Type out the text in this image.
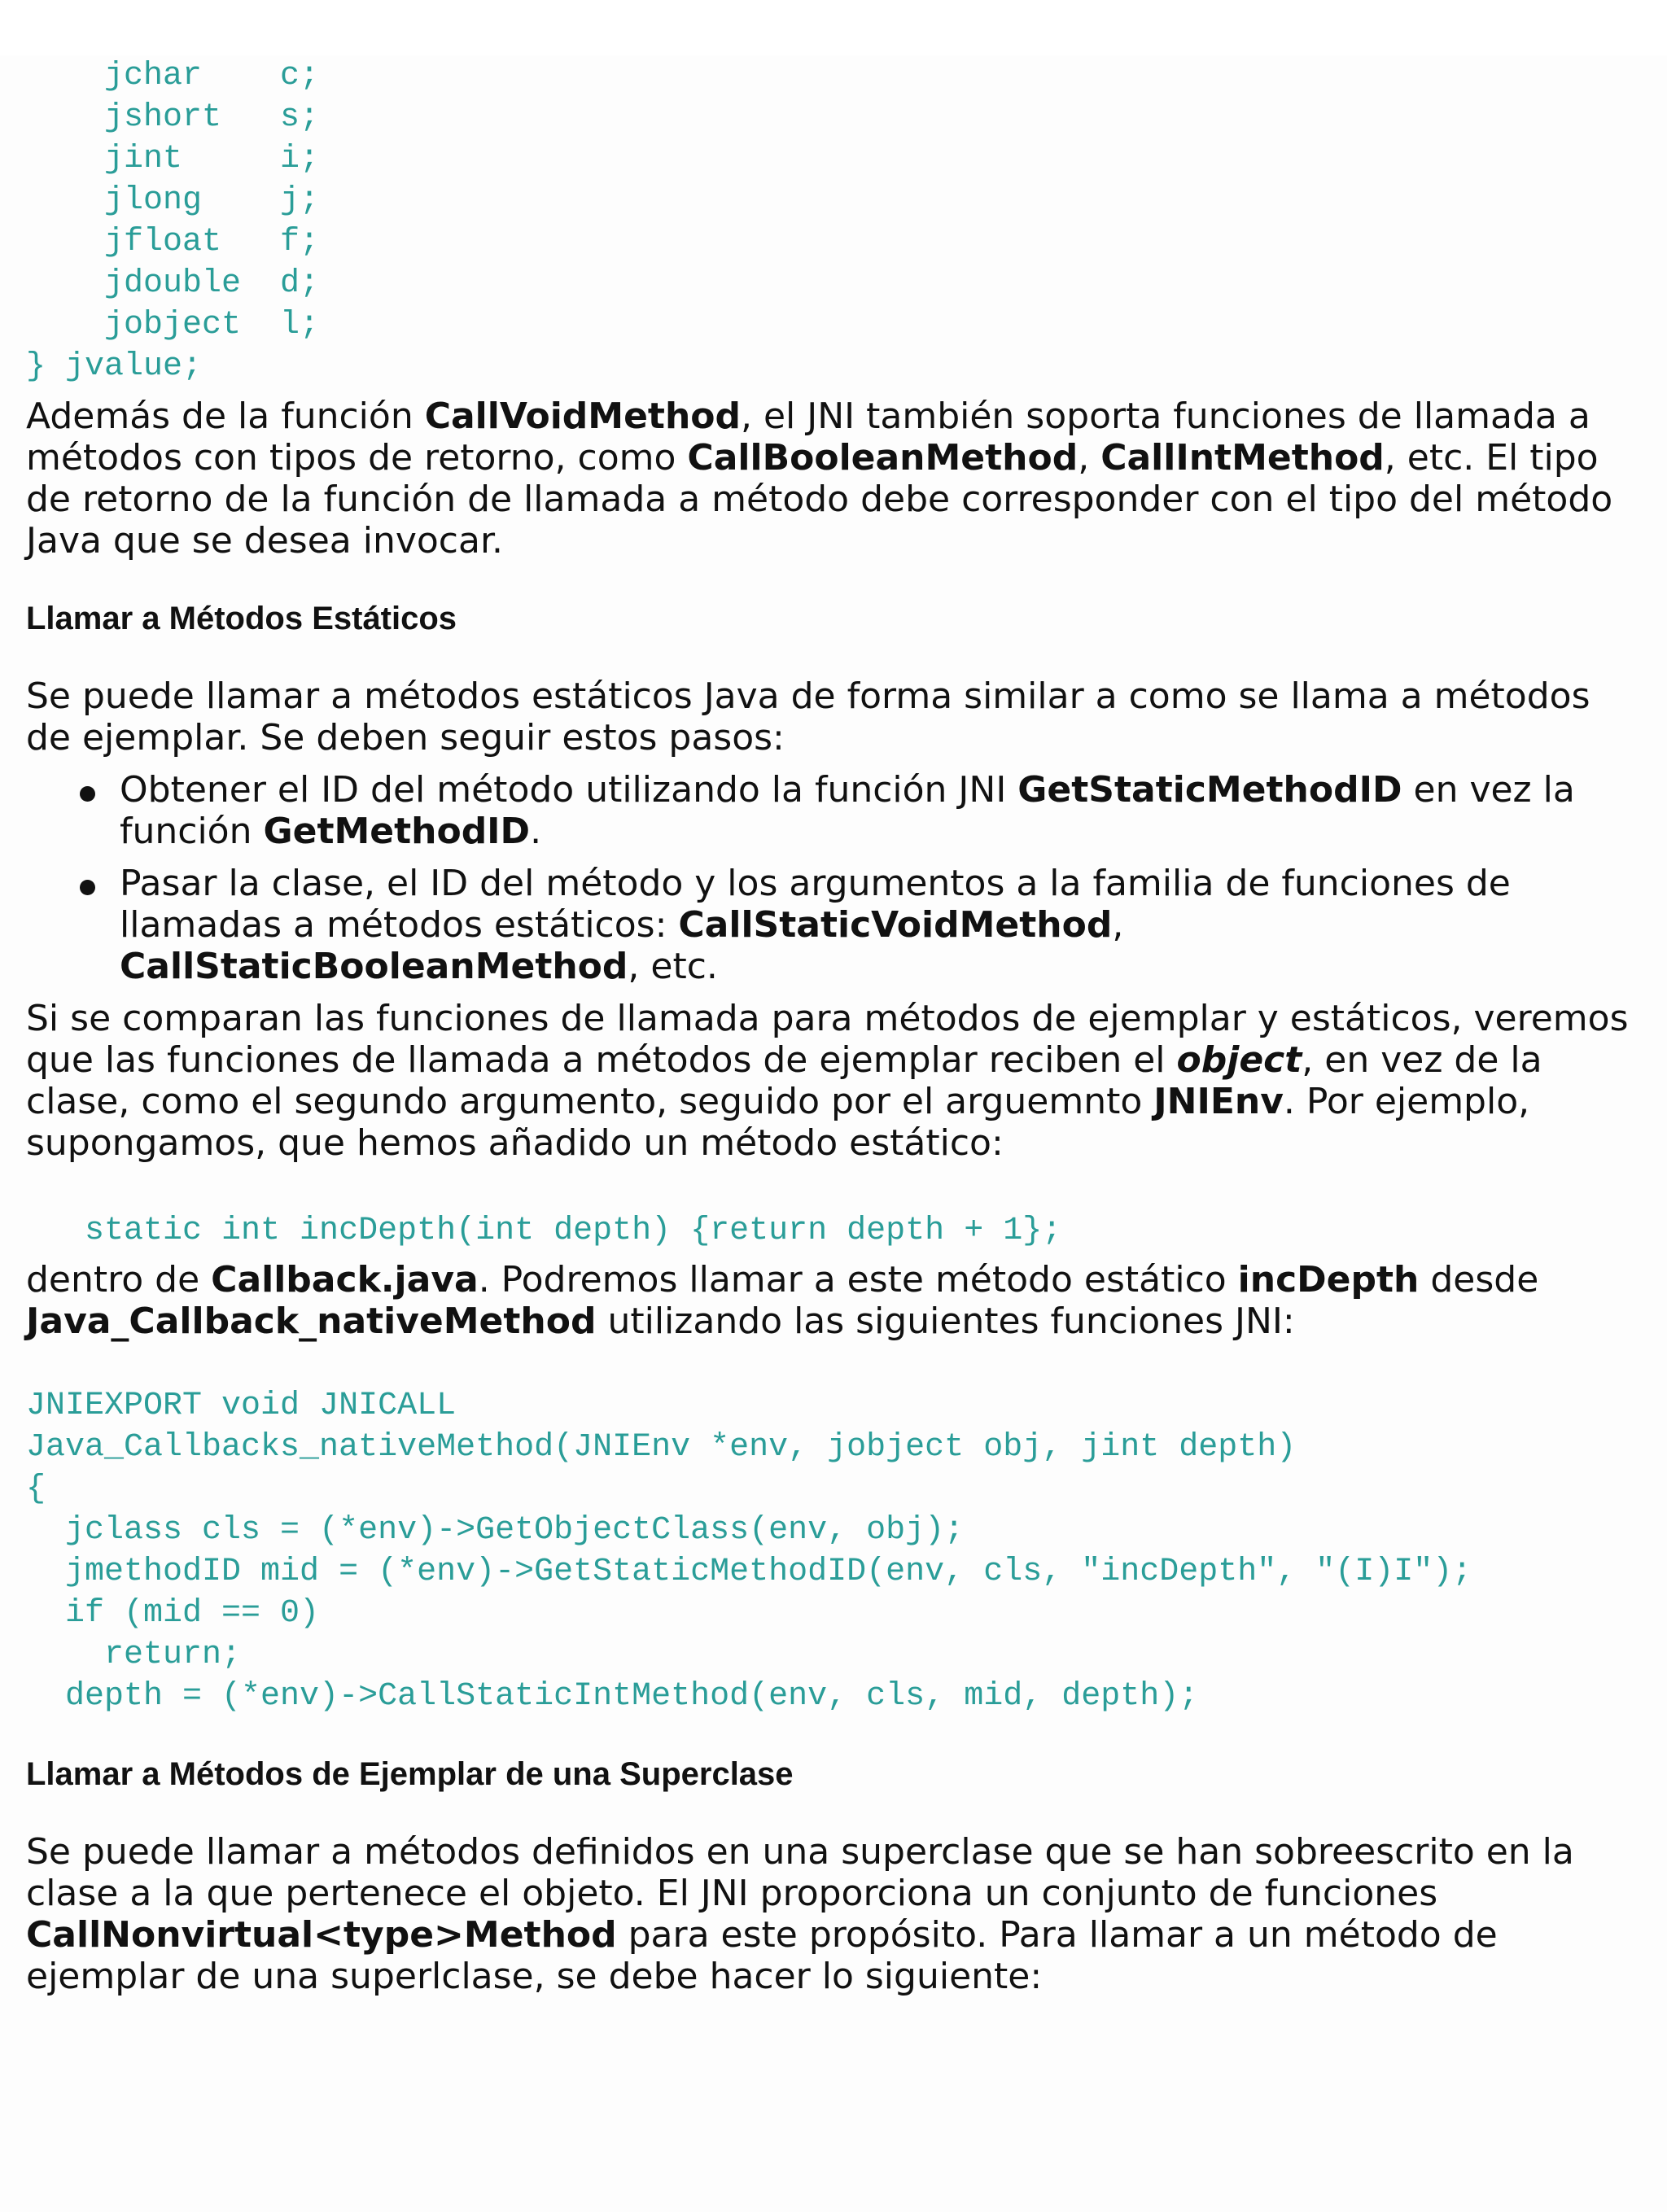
jchar    c;
jshort   s;
jint     i;
jlong    j;
jfloat   f;
jdouble  d;
jobject  l;
} jvalue;

Además de la función CallVoidMethod, el JNI también soporta funciones de llamada a métodos con tipos de retorno, como CallBooleanMethod, CallIntMethod, etc. El tipo de retorno de la función de llamada a método debe corresponder con el tipo del método Java que se desea invocar.

Llamar a Métodos Estáticos

Se puede llamar a métodos estáticos Java de forma similar a como se llama a métodos de ejemplar. Se deben seguir estos pasos:

Obtener el ID del método utilizando la función JNI GetStaticMethodID en vez la función GetMethodID.
Pasar la clase, el ID del método y los argumentos a la familia de funciones de llamadas a métodos estáticos: CallStaticVoidMethod, CallStaticBooleanMethod, etc.

Si se comparan las funciones de llamada para métodos de ejemplar y estáticos, veremos que las funciones de llamada a métodos de ejemplar reciben el object, en vez de la clase, como el segundo argumento, seguido por el arguemnto JNIEnv. Por ejemplo, supongamos, que hemos añadido un método estático:

static int incDepth(int depth) {return depth + 1};

dentro de Callback.java. Podremos llamar a este método estático incDepth desde Java_Callback_nativeMethod utilizando las siguientes funciones JNI:

JNIEXPORT void JNICALL
Java_Callbacks_nativeMethod(JNIEnv *env, jobject obj, jint depth)
{
jclass cls = (*env)->GetObjectClass(env, obj);
jmethodID mid = (*env)->GetStaticMethodID(env, cls, "incDepth", "(I)I");
if (mid == 0)
return;
depth = (*env)->CallStaticIntMethod(env, cls, mid, depth);
Llamar a Métodos de Ejemplar de una Superclase

Se puede llamar a métodos definidos en una superclase que se han sobreescrito en la clase a la que pertenece el objeto. El JNI proporciona un conjunto de funciones CallNonvirtual<type>Method para este propósito. Para llamar a un método de ejemplar de una superlclase, se debe hacer lo siguiente:
